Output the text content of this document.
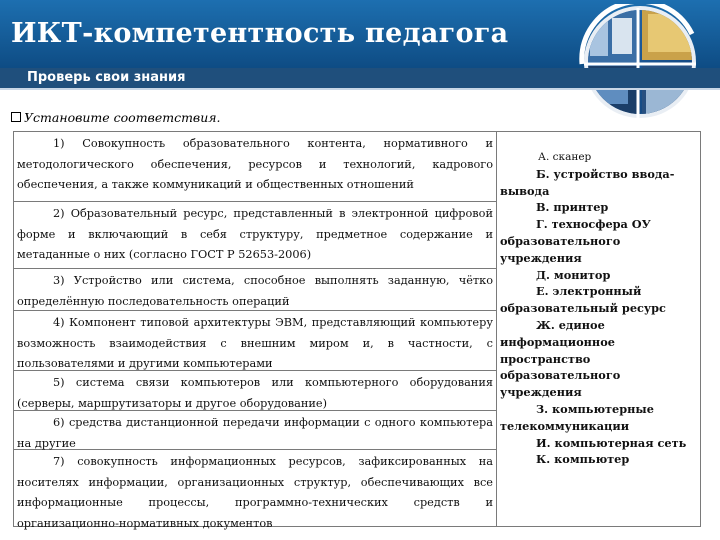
ИКТ-компетентность педагога
Проверь свои знания
Установите соответствия.
1) Совокупность образовательного контента, нормативного и методологического обеспечения, ресурсов и технологий, кадрового обеспечения, а также коммуникаций и общественных отношений
2) Образовательный ресурс, представленный в электронной цифровой форме и включающий в себя структуру, предметное содержание и метаданные о них (согласно ГОСТ Р 52653-2006)
3) Устройство или система, способное выполнять заданную, чётко определённую последовательность операций
4) Компонент типовой архитектуры ЭВМ, представляющий компьютеру возможность взаимодействия с внешним миром и, в частности, с пользователями и другими компьютерами
5) система связи компьютеров или компьютерного оборудования (серверы, маршрутизаторы и другое оборудование)
6) средства дистанционной передачи информации с одного компьютера на другие
7) совокупность информационных ресурсов, зафиксированных на носителях информации, организационных структур, обеспечивающих все информационные процессы, программно-технических средств и организационно-нормативных документов
А. сканер
Б. устройство ввода-вывода
В. принтер
Г. техносфера ОУ образовательного учреждения
Д. монитор
Е. электронный образовательный ресурс
Ж. единое информационное пространство образовательного учреждения
З. компьютерные телекоммуникации
И. компьютерная сеть
К. компьютер
